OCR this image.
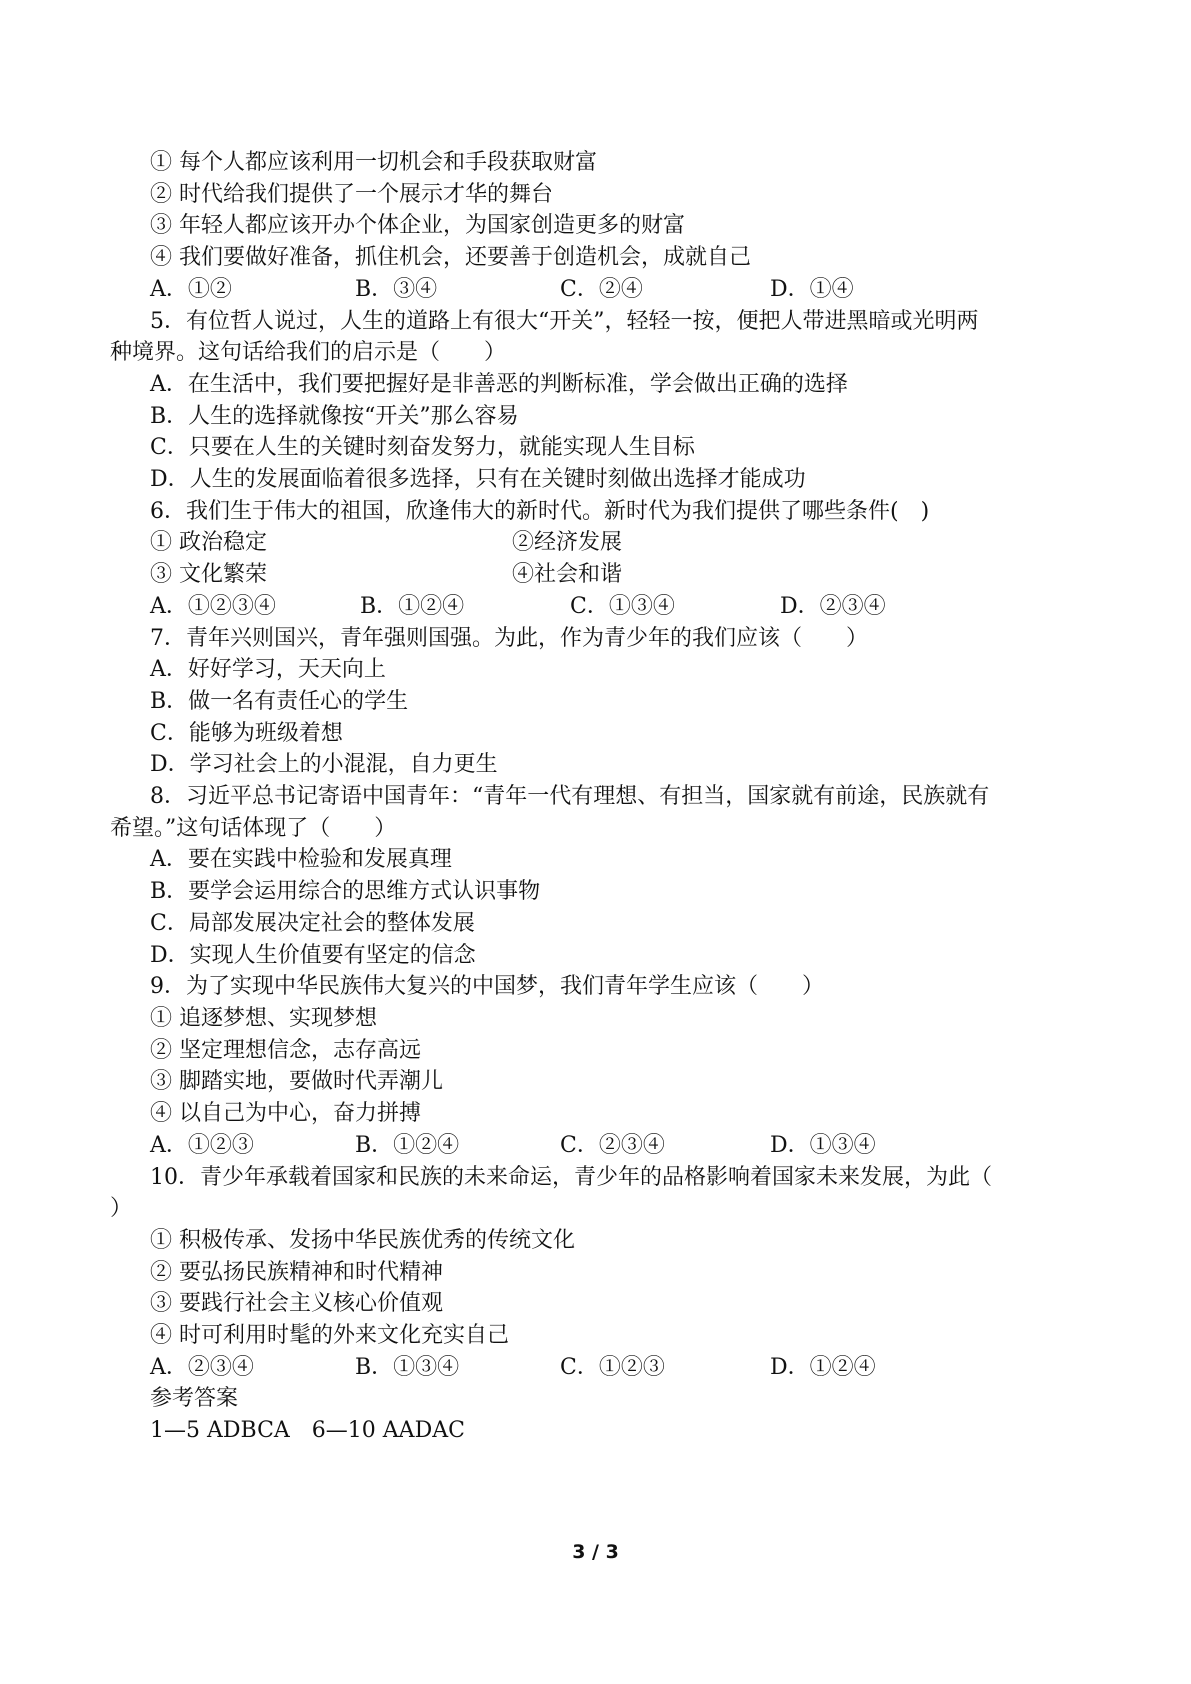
① 每个人都应该利用一切机会和手段获取财富
② 时代给我们提供了一个展示才华的舞台
③ 年轻人都应该开办个体企业，为国家创造更多的财富
④ 我们要做好准备，抓住机会，还要善于创造机会，成就自己
A．①②	B．③④	C．②④	D．①④
5．有位哲人说过，人生的道路上有很大“开关”，轻轻一按，便把人带进黑暗或光明两
种境界。这句话给我们的启示是（　　）
A．在生活中，我们要把握好是非善恶的判断标准，学会做出正确的选择
B．人生的选择就像按“开关”那么容易
C．只要在人生的关键时刻奋发努力，就能实现人生目标
D．人生的发展面临着很多选择，只有在关键时刻做出选择才能成功
6．我们生于伟大的祖国，欣逢伟大的新时代。新时代为我们提供了哪些条件(　)
① 政治稳定	②经济发展
③ 文化繁荣	④社会和谐
A．①②③④	B．①②④	C．①③④	D．②③④
7．青年兴则国兴，青年强则国强。为此，作为青少年的我们应该（　　）
A．好好学习，天天向上
B．做一名有责任心的学生
C．能够为班级着想
D．学习社会上的小混混，自力更生
8．习近平总书记寄语中国青年：“青年一代有理想、有担当，国家就有前途，民族就有
希望。”这句话体现了（　　）
A．要在实践中检验和发展真理
B．要学会运用综合的思维方式认识事物
C．局部发展决定社会的整体发展
D．实现人生价值要有坚定的信念
9．为了实现中华民族伟大复兴的中国梦，我们青年学生应该（　　）
① 追逐梦想、实现梦想
② 坚定理想信念，志存高远
③ 脚踏实地，要做时代弄潮儿
④ 以自己为中心，奋力拼搏
A．①②③	B．①②④	C．②③④	D．①③④
10．青少年承载着国家和民族的未来命运，青少年的品格影响着国家未来发展，为此（
）
① 积极传承、发扬中华民族优秀的传统文化
② 要弘扬民族精神和时代精神
③ 要践行社会主义核心价值观
④ 时可利用时髦的外来文化充实自己
A．②③④	B．①③④	C．①②③	D．①②④
参考答案
1—5 ADBCA　6—10 AADAC
3 / 3
